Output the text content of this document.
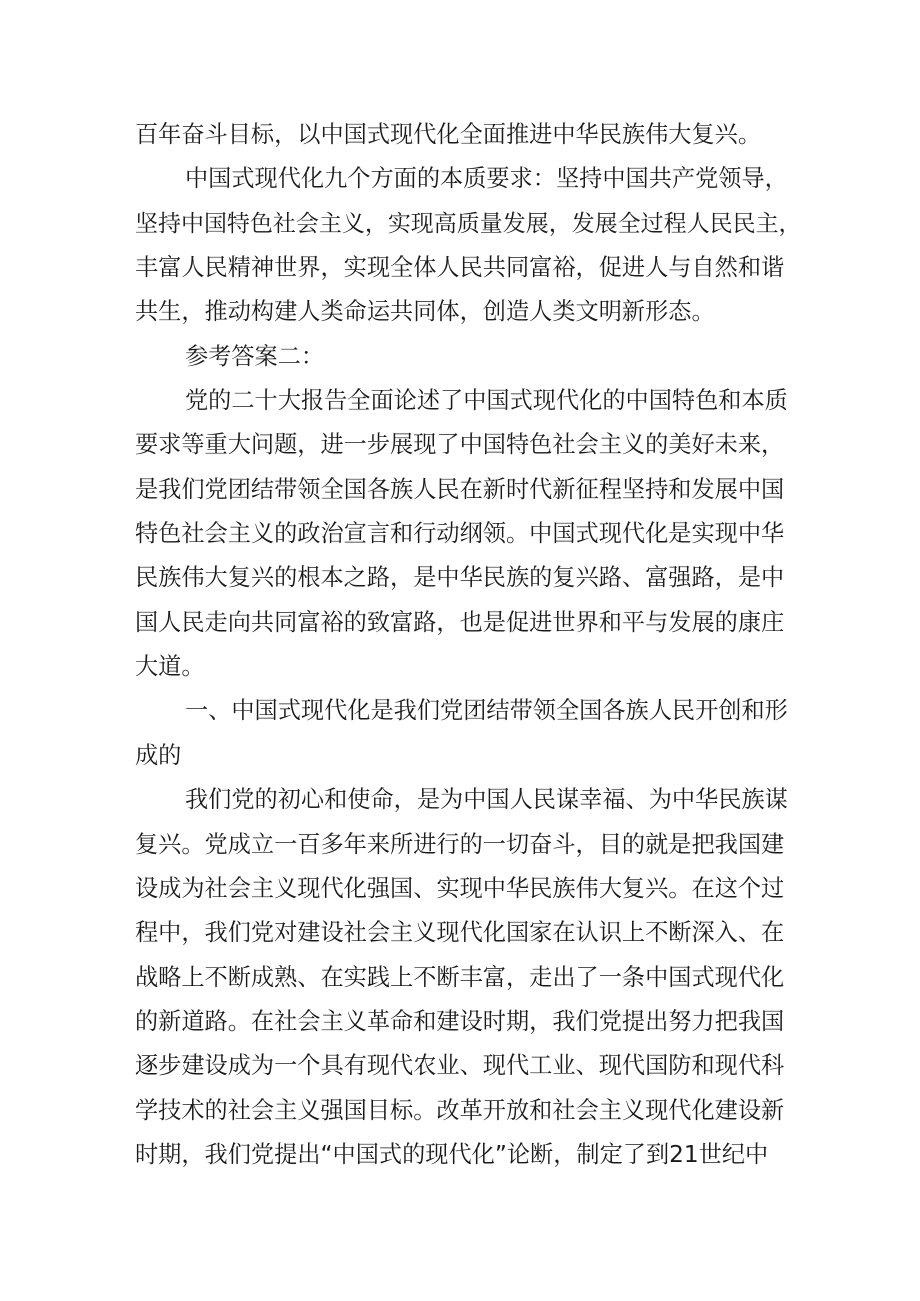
百年奋斗目标，以中国式现代化全面推进中华民族伟大复兴。
中国式现代化九个方面的本质要求：坚持中国共产党领导，
坚持中国特色社会主义，实现高质量发展，发展全过程人民民主，
丰富人民精神世界，实现全体人民共同富裕，促进人与自然和谐
共生，推动构建人类命运共同体，创造人类文明新形态。
参考答案二：
党的二十大报告全面论述了中国式现代化的中国特色和本质
要求等重大问题，进一步展现了中国特色社会主义的美好未来，
是我们党团结带领全国各族人民在新时代新征程坚持和发展中国
特色社会主义的政治宣言和行动纲领。中国式现代化是实现中华
民族伟大复兴的根本之路，是中华民族的复兴路、富强路，是中
国人民走向共同富裕的致富路，也是促进世界和平与发展的康庄
大道。
一、中国式现代化是我们党团结带领全国各族人民开创和形
成的
我们党的初心和使命，是为中国人民谋幸福、为中华民族谋
复兴。党成立一百多年来所进行的一切奋斗，目的就是把我国建
设成为社会主义现代化强国、实现中华民族伟大复兴。在这个过
程中，我们党对建设社会主义现代化国家在认识上不断深入、在
战略上不断成熟、在实践上不断丰富，走出了一条中国式现代化
的新道路。在社会主义革命和建设时期，我们党提出努力把我国
逐步建设成为一个具有现代农业、现代工业、现代国防和现代科
学技术的社会主义强国目标。改革开放和社会主义现代化建设新
时期，我们党提出“中国式的现代化”论断，制定了到21世纪中
